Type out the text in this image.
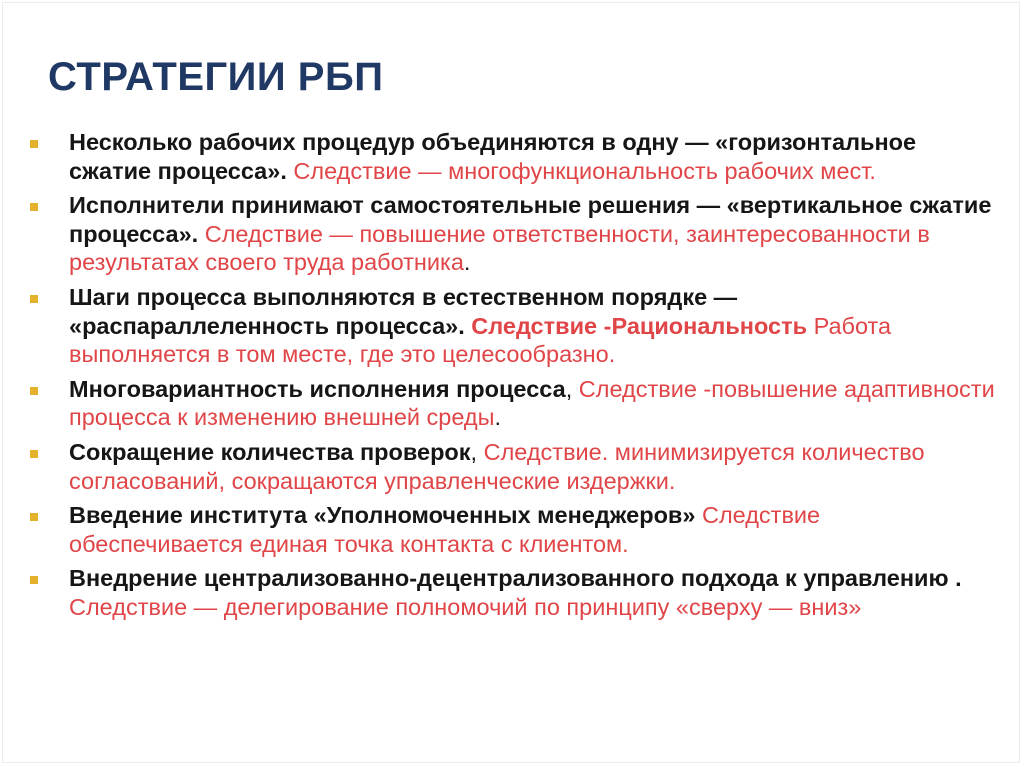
СТРАТЕГИИ РБП
Несколько рабочих процедур объединяются в одну — «горизонтальное сжатие процесса». Следствие — многофункциональность рабочих мест.
Исполнители принимают самостоятельные решения — «вертикальное сжатие процесса». Следствие — повышение ответственности, заинтересованности в результатах своего труда работника.
Шаги процесса выполняются в естественном порядке — «распараллеленность процесса». Следствие -Рациональность Работа выполняется в том месте, где это целесообразно.
Многовариантность исполнения процесса, Следствие -повышение адаптивности процесса к изменению внешней среды.
Сокращение количества проверок, Следствие. минимизируется количество согласований, сокращаются управленческие издержки.
Введение института «Уполномоченных менеджеров» Следствие обеспечивается единая точка контакта с клиентом.
Внедрение централизованно-децентрализованного подхода к управлению . Следствие — делегирование полномочий по принципу «сверху — вниз»
